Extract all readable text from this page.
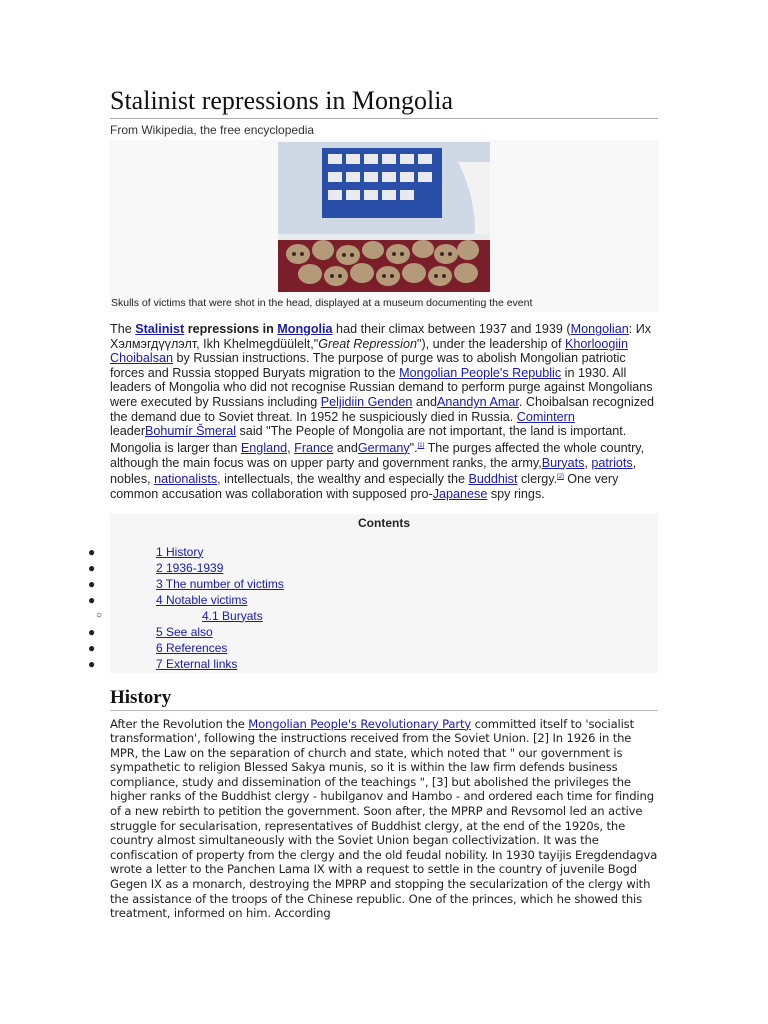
Stalinist repressions in Mongolia
From Wikipedia, the free encyclopedia
Skulls of victims that were shot in the head, displayed at a museum documenting the event

The Stalinist repressions in Mongolia had their climax between 1937 and 1939 (Mongolian: Их Хэлмэгдүүлэлт, Ikh Khelmegdüülelt,"Great Repression"), under the leadership of Khorloogiin Choibalsan by Russian instructions. The purpose of purge was to abolish Mongolian patriotic forces and Russia stopped Buryats migration to the Mongolian People's Republic in 1930. All leaders of Mongolia who did not recognise Russian demand to perform purge against Mongolians were executed by Russians including Peljidiin Genden andAnandyn Amar. Choibalsan recognized the demand due to Soviet threat. In 1952 he suspiciously died in Russia. Comintern leaderBohumír Šmeral said "The People of Mongolia are not important, the land is important. Mongolia is larger than England, France andGermany".[1] The purges affected the whole country, although the main focus was on upper party and government ranks, the army,Buryats, patriots, nobles, nationalists, intellectuals, the wealthy and especially the Buddhist clergy.[2] One very common accusation was collaboration with supposed pro-Japanese spy rings.

Contents
●	1 History
●	2 1936-1939
●	3 The number of victims
●	4 Notable victims
○	4.1 Buryats
●	5 See also
●	6 References
●	7 External links
History

After the Revolution the Mongolian People's Revolutionary Party committed itself to 'socialist transformation', following the instructions received from the Soviet Union. [2] In 1926 in the MPR, the Law on the separation of church and state, which noted that " our government is sympathetic to religion Blessed Sakya munis, so it is within the law firm defends business compliance, study and dissemination of the teachings ", [3] but abolished the privileges the higher ranks of the Buddhist clergy - hubilganov and Hambo - and ordered each time for finding of a new rebirth to petition the government. Soon after, the MPRP and Revsomol led an active struggle for secularisation, representatives of Buddhist clergy, at the end of the 1920s, the country almost simultaneously with the Soviet Union began collectivization. It was the confiscation of property from the clergy and the old feudal nobility. In 1930 tayijis Eregdendagva wrote a letter to the Panchen Lama IX with a request to settle in the country of juvenile Bogd Gegen IX as a monarch, destroying the MPRP and stopping the secularization of the clergy with the assistance of the troops of the Chinese republic. One of the princes, which he showed this treatment, informed on him. According
